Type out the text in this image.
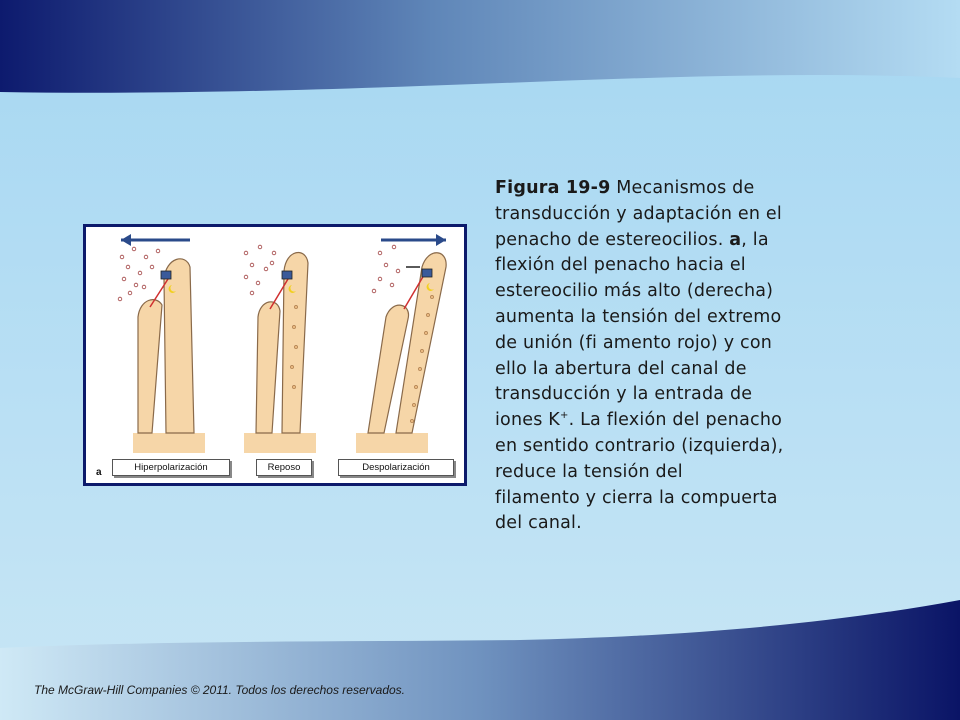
a	Hiperpolarización	Reposo	Despolarización
Figura 19-9 Mecanismos de
transducción y adaptación en el
penacho de estereocilios. a, la
flexión del penacho hacia el
estereocilio más alto (derecha)
aumenta la tensión del extremo
de unión (fi amento rojo) y con
ello la abertura del canal de
transducción y la entrada de
iones K+. La flexión del penacho
en sentido contrario (izquierda),
reduce la tensión del
filamento y cierra la compuerta
del canal.
The McGraw-Hill Companies © 2011. Todos los derechos reservados.
